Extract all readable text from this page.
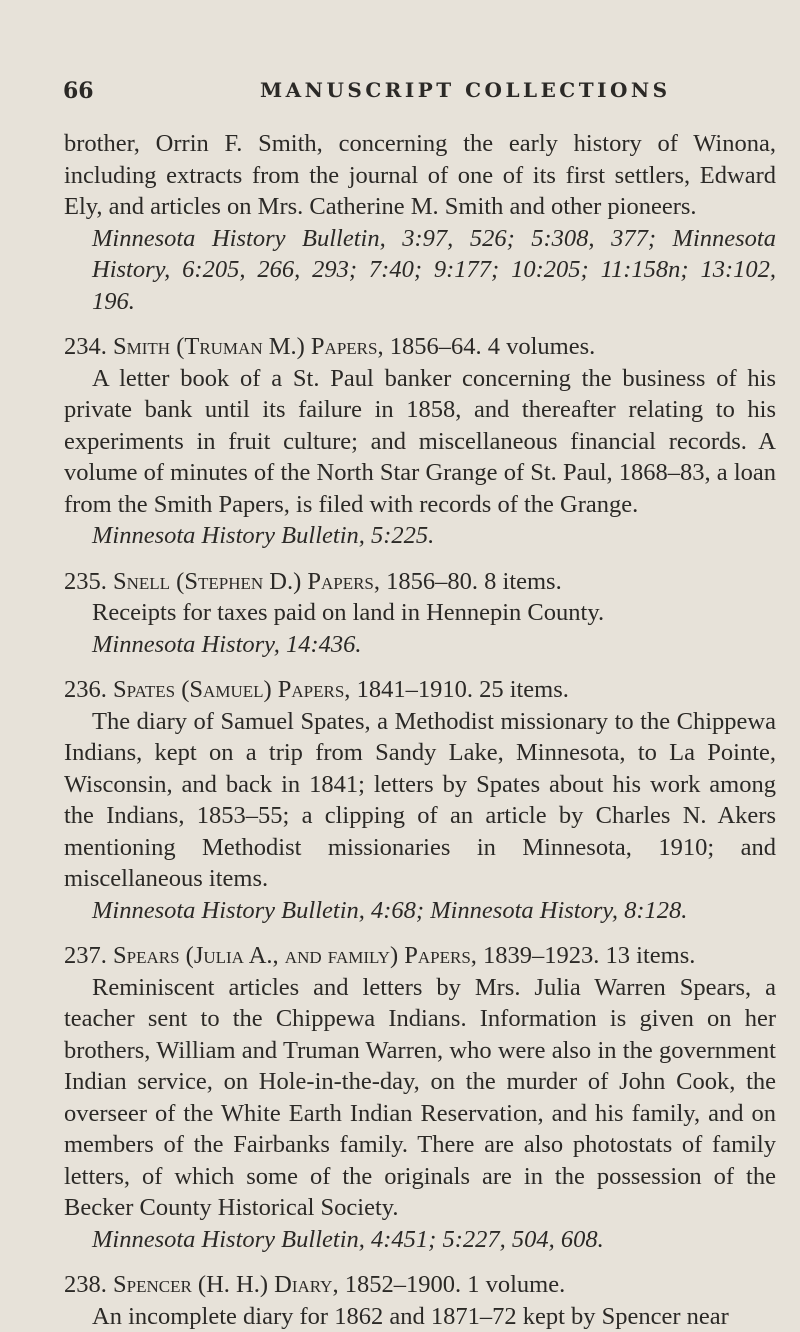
66	MANUSCRIPT COLLECTIONS

brother, Orrin F. Smith, concerning the early history of Winona, including extracts from the journal of one of its first settlers, Edward Ely, and articles on Mrs. Catherine M. Smith and other pioneers.

Minnesota History Bulletin, 3:97, 526; 5:308, 377; Minnesota History, 6:205, 266, 293; 7:40; 9:177; 10:205; 11:158n; 13:102, 196.

234. Smith (Truman M.) Papers, 1856–64. 4 volumes.

A letter book of a St. Paul banker concerning the business of his private bank until its failure in 1858, and thereafter relating to his experiments in fruit culture; and miscellaneous financial records. A volume of minutes of the North Star Grange of St. Paul, 1868–83, a loan from the Smith Papers, is filed with records of the Grange.

Minnesota History Bulletin, 5:225.

235. Snell (Stephen D.) Papers, 1856–80. 8 items.

Receipts for taxes paid on land in Hennepin County.

Minnesota History, 14:436.

236. Spates (Samuel) Papers, 1841–1910. 25 items.

The diary of Samuel Spates, a Methodist missionary to the Chippewa Indians, kept on a trip from Sandy Lake, Minnesota, to La Pointe, Wisconsin, and back in 1841; letters by Spates about his work among the Indians, 1853–55; a clipping of an article by Charles N. Akers mentioning Methodist missionaries in Minnesota, 1910; and miscellaneous items.

Minnesota History Bulletin, 4:68; Minnesota History, 8:128.

237. Spears (Julia A., and family) Papers, 1839–1923. 13 items.

Reminiscent articles and letters by Mrs. Julia Warren Spears, a teacher sent to the Chippewa Indians. Information is given on her brothers, William and Truman Warren, who were also in the government Indian service, on Hole-in-the-day, on the murder of John Cook, the overseer of the White Earth Indian Reservation, and his family, and on members of the Fairbanks family. There are also photostats of family letters, of which some of the originals are in the possession of the Becker County Historical Society.

Minnesota History Bulletin, 4:451; 5:227, 504, 608.

238. Spencer (H. H.) Diary, 1852–1900. 1 volume.

An incomplete diary for 1862 and 1871–72 kept by Spencer near
